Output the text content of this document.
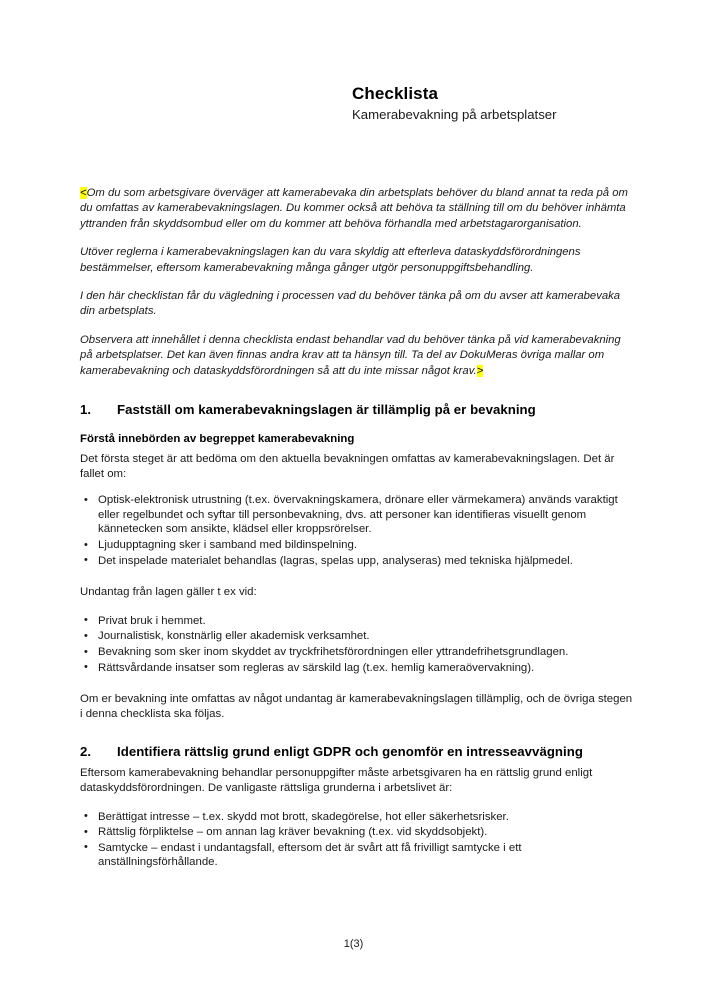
Checklista
Kamerabevakning på arbetsplatser

<Om du som arbetsgivare överväger att kamerabevaka din arbetsplats behöver du bland annat ta reda på om du omfattas av kamerabevakningslagen. Du kommer också att behöva ta ställning till om du behöver inhämta yttranden från skyddsombud eller om du kommer att behöva förhandla med arbetstagarorganisation.

Utöver reglerna i kamerabevakningslagen kan du vara skyldig att efterleva dataskyddsförordningens bestämmelser, eftersom kamerabevakning många gånger utgör personuppgiftsbehandling.

I den här checklistan får du vägledning i processen vad du behöver tänka på om du avser att kamerabevaka din arbetsplats.

Observera att innehållet i denna checklista endast behandlar vad du behöver tänka på vid kamerabevakning på arbetsplatser. Det kan även finnas andra krav att ta hänsyn till. Ta del av DokuMeras övriga mallar om kamerabevakning och dataskyddsförordningen så att du inte missar något krav.>

1.	Fastställ om kamerabevakningslagen är tillämplig på er bevakning
Förstå innebörden av begreppet kamerabevakning
Det första steget är att bedöma om den aktuella bevakningen omfattas av kamerabevakningslagen. Det är fallet om:
• Optisk-elektronisk utrustning (t.ex. övervakningskamera, drönare eller värmekamera) används varaktigt eller regelbundet och syftar till personbevakning, dvs. att personer kan identifieras visuellt genom kännetecken som ansikte, klädsel eller kroppsrörelser.
• Ljudupptagning sker i samband med bildinspelning.
• Det inspelade materialet behandlas (lagras, spelas upp, analyseras) med tekniska hjälpmedel.
Undantag från lagen gäller t ex vid:
• Privat bruk i hemmet.
• Journalistisk, konstnärlig eller akademisk verksamhet.
• Bevakning som sker inom skyddet av tryckfrihetsförordningen eller yttrandefrihetsgrundlagen.
• Rättsvårdande insatser som regleras av särskild lag (t.ex. hemlig kameraövervakning).
Om er bevakning inte omfattas av något undantag är kamerabevakningslagen tillämplig, och de övriga stegen i denna checklista ska följas.
2.	Identifiera rättslig grund enligt GDPR och genomför en intresseavvägning
Eftersom kamerabevakning behandlar personuppgifter måste arbetsgivaren ha en rättslig grund enligt dataskyddsförordningen. De vanligaste rättsliga grunderna i arbetslivet är:
• Berättigat intresse – t.ex. skydd mot brott, skadegörelse, hot eller säkerhetsrisker.
• Rättslig förpliktelse – om annan lag kräver bevakning (t.ex. vid skyddsobjekt).
• Samtycke – endast i undantagsfall, eftersom det är svårt att få frivilligt samtycke i ett anställningsförhållande.
1(3)
